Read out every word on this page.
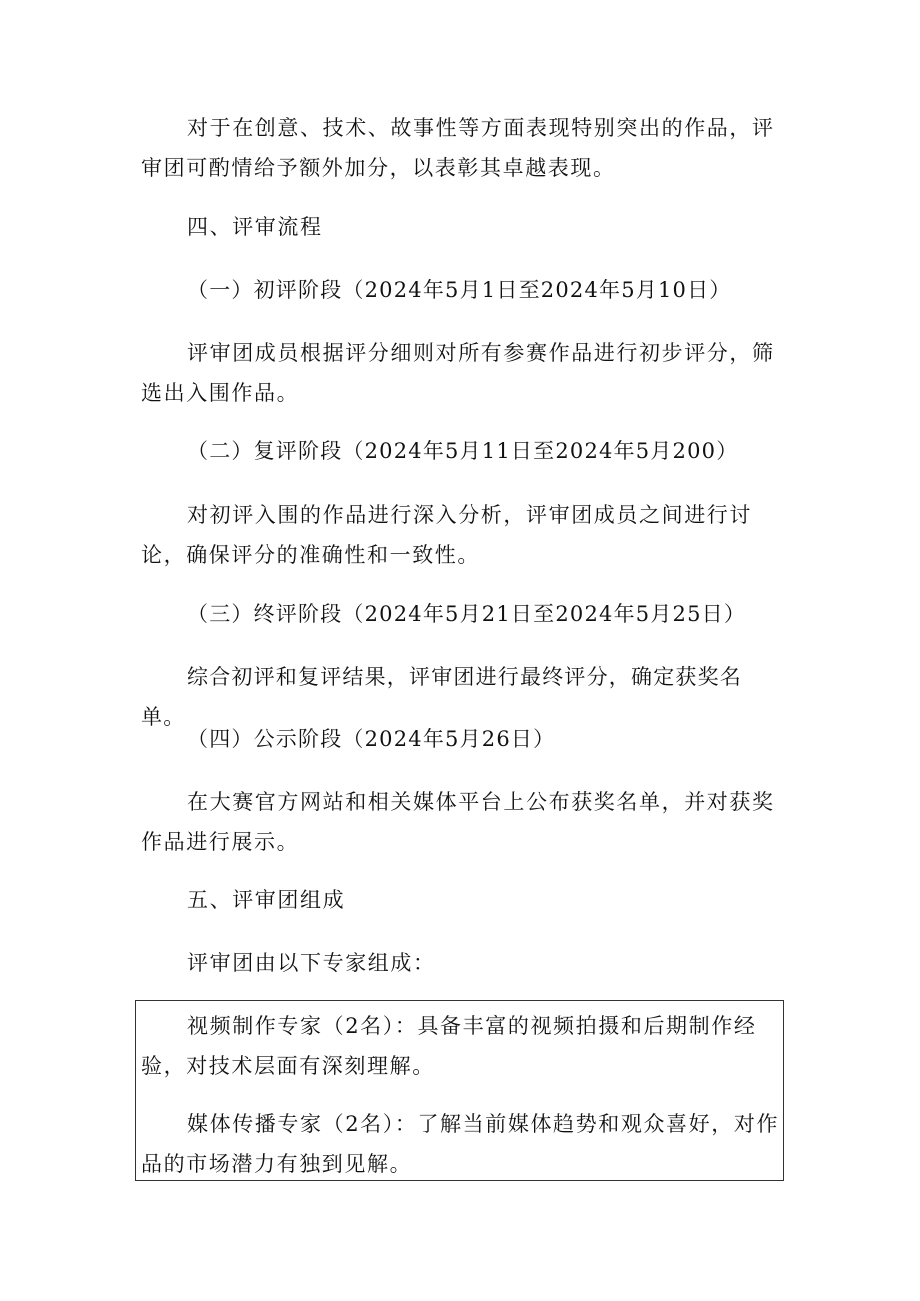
对于在创意、技术、故事性等方面表现特别突出的作品，评审团可酌情给予额外加分，以表彰其卓越表现。

四、评审流程

（一）初评阶段（2024年5月1日至2024年5月10日）

评审团成员根据评分细则对所有参赛作品进行初步评分，筛选出入围作品。

（二）复评阶段（2024年5月11日至2024年5月200）

对初评入围的作品进行深入分析，评审团成员之间进行讨论，确保评分的准确性和一致性。

（三）终评阶段（2024年5月21日至2024年5月25日）

综合初评和复评结果，评审团进行最终评分，确定获奖名单。

（四）公示阶段（2024年5月26日）

在大赛官方网站和相关媒体平台上公布获奖名单，并对获奖作品进行展示。

五、评审团组成

评审团由以下专家组成：

视频制作专家（2名）：具备丰富的视频拍摄和后期制作经验，对技术层面有深刻理解。

媒体传播专家（2名）：了解当前媒体趋势和观众喜好，对作品的市场潜力有独到见解。
